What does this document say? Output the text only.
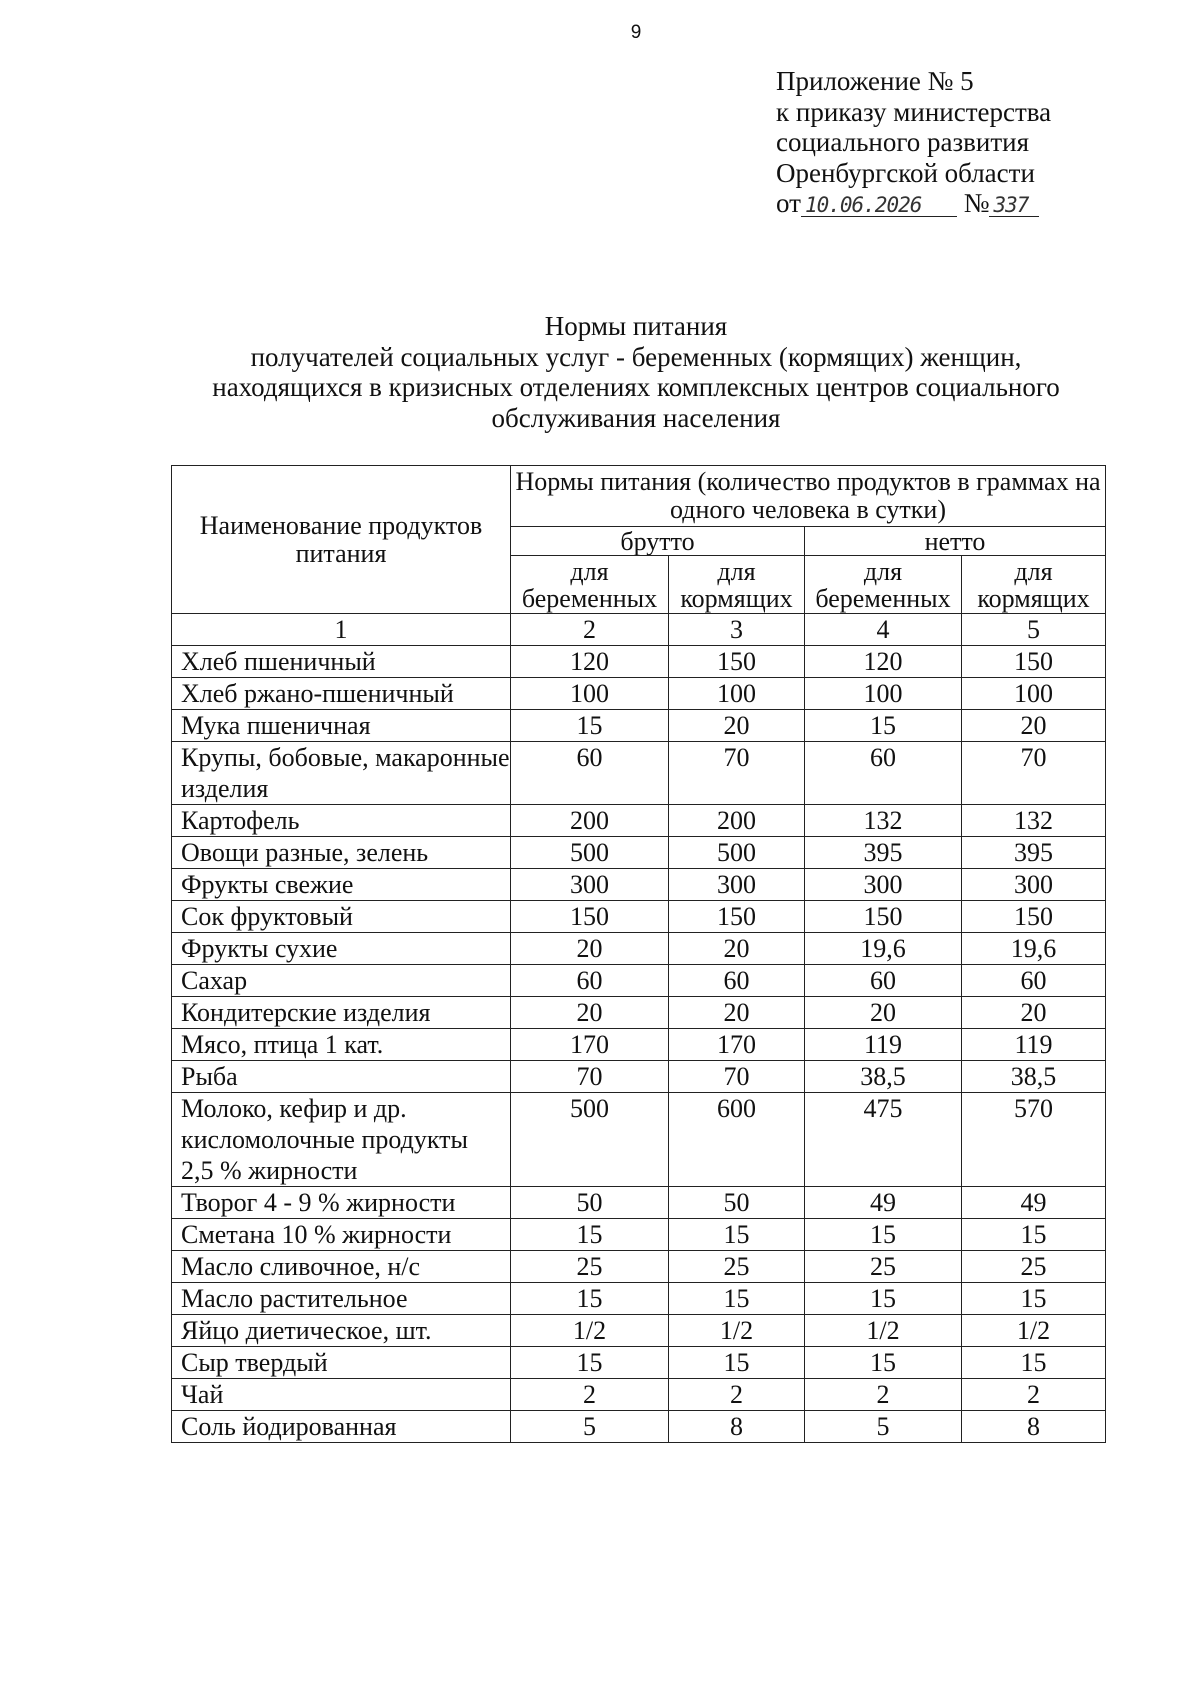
9
Приложение № 5
к приказу министерства
социального развития
Оренбургской области
от 10.06.2026 № 337
Нормы питания
получателей социальных услуг - беременных (кормящих) женщин,
находящихся в кризисных отделениях комплексных центров социального
обслуживания населения
Наименование продуктов питания	Нормы питания (количество продуктов в граммах на одного человека в сутки)			
	брутто		нетто	
	для беременных	для кормящих	для беременных	для кормящих
1	2	3	4	5
Хлеб пшеничный	120	150	120	150
Хлеб ржано-пшеничный	100	100	100	100
Мука пшеничная	15	20	15	20
Крупы, бобовые, макаронные изделия	60	70	60	70
Картофель	200	200	132	132
Овощи разные, зелень	500	500	395	395
Фрукты свежие	300	300	300	300
Сок фруктовый	150	150	150	150
Фрукты сухие	20	20	19,6	19,6
Сахар	60	60	60	60
Кондитерские изделия	20	20	20	20
Мясо, птица 1 кат.	170	170	119	119
Рыба	70	70	38,5	38,5
Молоко, кефир и др. кисломолочные продукты 2,5 % жирности	500	600	475	570
Творог 4 - 9 % жирности	50	50	49	49
Сметана 10 % жирности	15	15	15	15
Масло сливочное, н/с	25	25	25	25
Масло растительное	15	15	15	15
Яйцо диетическое, шт.	1/2	1/2	1/2	1/2
Сыр твердый	15	15	15	15
Чай	2	2	2	2
Соль йодированная	5	8	5	8
